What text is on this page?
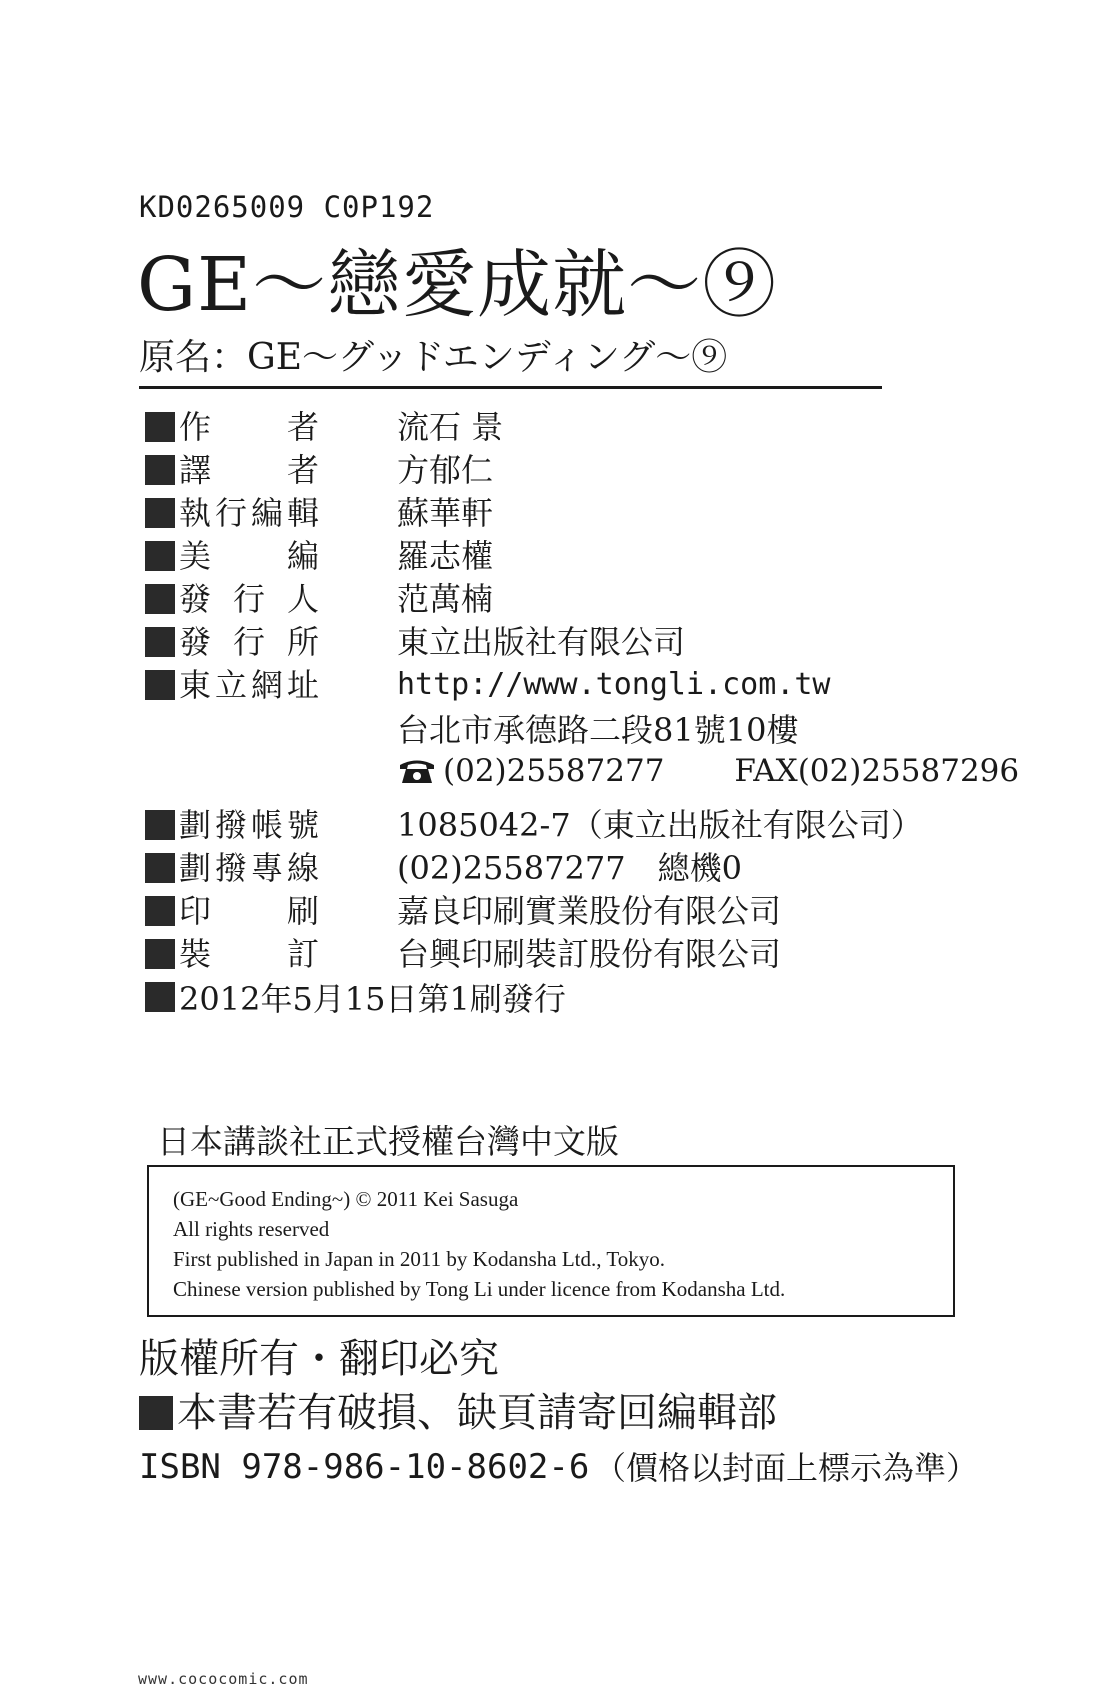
KD0265009 C0P192
GE～戀愛成就～⑨
原名：GE～グッドエンディング～⑨
作　者 流石 景
譯　者 方郁仁
執行編輯 蘇華軒
美　編 羅志權
發行人 范萬楠
發行所 東立出版社有限公司
東立網址	http://www.tongli.com.tw
台北市承德路二段81號10樓
(02)25587277 FAX(02)25587296
劃撥帳號 1085042-7（東立出版社有限公司）
劃撥專線 (02)25587277　總機0
印　刷 嘉良印刷實業股份有限公司
裝　訂 台興印刷裝訂股份有限公司
2012年5月15日第1刷發行
日本講談社正式授權台灣中文版
(GE~Good Ending~) © 2011 Kei Sasuga
All rights reserved
First published in Japan in 2011 by Kodansha Ltd., Tokyo.
Chinese version published by Tong Li under licence from Kodansha Ltd.
版權所有・翻印必究
本書若有破損、缺頁請寄回編輯部
ISBN 978-986-10-8602-6 （價格以封面上標示為準）
www.cococomic.com
